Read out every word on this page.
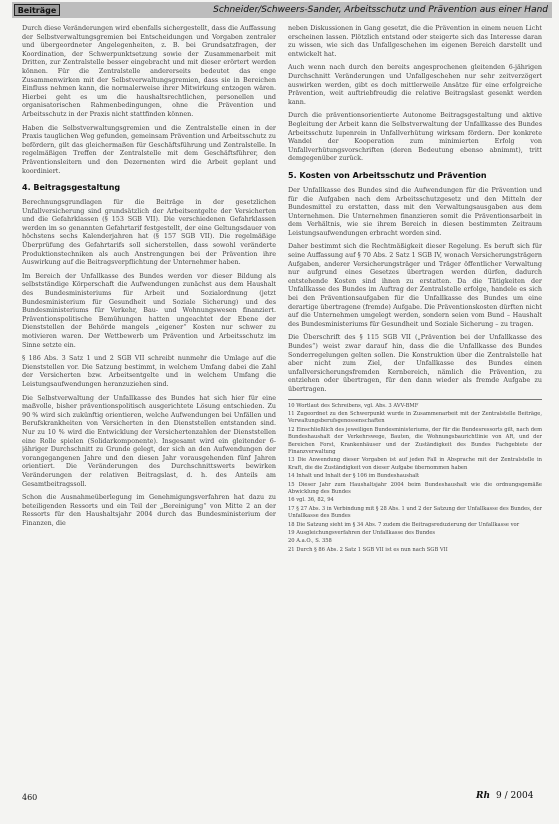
Beiträge	Schneider/Schweers-Sander, Arbeitsschutz und Prävention aus einer Hand

Durch diese Veränderungen wird ebenfalls sichergestellt, dass die Auffassung der Selbstverwaltungsgremien bei Entscheidungen und Vorgaben zentraler und übergeordneter Angelegenheiten, z. B. bei Grundsatzfragen, der Koordination, der Schwerpunktsetzung sowie der Zusammenarbeit mit Dritten, zur Zentralstelle besser eingebracht und mit dieser erörtert werden können. Für die Zentralstelle andererseits bedeutet das enge Zusammenwirken mit der Selbstverwaltungsgremien, dass sie in Bereichen Einfluss nehmen kann, die normalerweise ihrer Mitwirkung entzogen wären. Hierbei geht es um die haushaltsrechtlichen, personellen und organisatorischen Rahmenbedingungen, ohne die Prävention und Arbeitsschutz in der Praxis nicht stattfinden können.

Haben die Selbstverwaltungsgremien und die Zentralstelle einen in der Praxis tauglichen Weg gefunden, gemeinsam Prävention und Arbeitsschutz zu befördern, gilt das gleichermaßen für Geschäftsführung und Zentralstelle. In regelmäßigen Treffen der Zentralstelle mit dem Geschäftsführer, den Präventionsleitern und den Dezernenten wird die Arbeit geplant und koordiniert.

4. Beitragsgestaltung

Berechnungsgrundlagen für die Beiträge in der gesetzlichen Unfallversicherung sind grundsätzlich der Arbeitsentgelte der Versicherten und die Gefahrklassen (§ 153 SGB VII). Die verschiedenen Gefahrklassen werden im so genannten Gefahrtarif festgestellt, der eine Geltungsdauer von höchstens sechs Kalenderjahren hat (§ 157 SGB VII). Die regelmäßige Überprüfung des Gefahrtarifs soll sicherstellen, dass sowohl veränderte Produktionstechniken als auch Anstrengungen bei der Prävention ihre Auswirkung auf die Beitragsverpflichtung der Unternehmer haben.

Im Bereich der Unfallkasse des Bundes werden vor dieser Bildung als selbstständige Körperschaft die Aufwendungen zunächst aus dem Haushalt des Bundesministeriums für Arbeit und Sozialordnung (jetzt Bundesministerium für Gesundheit und Soziale Sicherung) und des Bundesministeriums für Verkehr, Bau- und Wohnungswesen finanziert. Präventionspolitische Bemühungen hatten ungeachtet der Ebene der Dienststellen der Behörde mangels „eigener“ Kosten nur schwer zu motivieren waren. Der Wettbewerb um Prävention und Arbeitsschutz im Sinne setzte ein.

§ 186 Abs. 3 Satz 1 und 2 SGB VII schreibt nunmehr die Umlage auf die Dienststellen vor. Die Satzung bestimmt, in welchem Umfang dabei die Zahl der Versicherten bzw. Arbeitsentgelte und in welchem Umfang die Leistungsaufwendungen heranzuziehen sind.

Die Selbstverwaltung der Unfallkasse des Bundes hat sich hier für eine maßvolle, bisher präventionspolitisch ausgerichtete Lösung entschieden. Zu 90 % wird sich zukünftig orientieren, welche Aufwendungen bei Unfällen und Berufskrankheiten von Versicherten in den Dienststellen entstanden sind. Nur zu 10 % wird die Entwicklung der Versichertenzahlen der Dienststellen eine Rolle spielen (Solidarkomponente). Insgesamt wird ein gleitender 6-jähriger Durchschnitt zu Grunde gelegt, der sich an den Aufwendungen der vorangegangenen Jahre und den diesen Jahr vorausgehenden fünf Jahren orientiert. Die Veränderungen des Durchschnittswerts bewirken Veränderungen der relativen Beitragslast, d. h. des Anteils am Gesamtbeitragssoll.

Schon die Ausnahmeüberlegung im Genehmigungsverfahren hat dazu zu beteiligenden Ressorts und ein Teil der „Bereinigung“ von Mitte 2 an der Ressorts für den Haushaltsjahr 2004 durch das Bundesministerium der Finanzen, die

neben Diskussionen in Gang gesetzt, die die Prävention in einem neuen Licht erscheinen lassen. Plötzlich entstand oder steigerte sich das Interesse daran zu wissen, wie sich das Unfallgeschehen im eigenen Bereich darstellt und entwickelt hat.

Auch wenn nach durch den bereits angesprochenen gleitenden 6-jährigen Durchschnitt Veränderungen und Unfallgeschehen nur sehr zeitverzögert auswirken werden, gibt es doch mittlerweile Ansätze für eine erfolgreiche Prävention, weit auftriebfreudig die relative Beitragslast gesenkt werden kann.

Durch die präventionsorientierte Autonome Beitragsgestaltung und aktive Begleitung der Arbeit kann die Selbstverwaltung der Unfallkasse des Bundes Arbeitsschutz lupenrein in Unfallverhütung wirksam fördern. Der konkrete Wandel der Kooperation zum minimierten Erfolg von Unfallverhütungsvorschriften (deren Bedeutung ebenso abnimmt), tritt demgegenüber zurück.

5. Kosten von Arbeitsschutz und Prävention

Der Unfallkasse des Bundes sind die Aufwendungen für die Prävention und für die Aufgaben nach dem Arbeitsschutzgesetz und den Mitteln der Bundesmittel zu erstatten, dass mit den Verwaltungsausgaben aus dem Unternehmen. Die Unternehmen finanzieren somit die Präventionsarbeit in dem Verhältnis, wie sie ihrem Bereich in diesen bestimmten Zeitraum Leistungsaufwendungen erbracht worden sind.

Daher bestimmt sich die Rechtmäßigkeit dieser Regelung. Es beruft sich für seine Auffassung auf § 70 Abs. 2 Satz 1 SGB IV, wonach Versicherungsträgern Aufgaben, anderer Versicherungsträger und Träger öffentlicher Verwaltung nur aufgrund eines Gesetzes übertragen werden dürfen, dadurch entstehende Kosten sind ihnen zu erstatten. Da die Tätigkeiten der Unfallkasse des Bundes im Auftrag der Zentralstelle erfolge, handele es sich bei den Präventionsaufgaben für die Unfallkasse des Bundes um eine derartige übertragene (fremde) Aufgabe. Die Präventionskosten dürften nicht auf die Unternehmen umgelegt werden, sondern seien vom Bund – Haushalt des Bundesministeriums für Gesundheit und Soziale Sicherung – zu tragen.

Die Überschrift des § 115 SGB VII („Prävention bei der Unfallkasse des Bundes“) weist zwar darauf hin, dass die die Unfallkasse des Bundes Sonderregelungen gelten sollen. Die Konstruktion über die Zentralstelle hat aber nicht zum Ziel, der Unfallkasse des Bundes einen unfallversicherungsfremden Kernbereich, nämlich die Prävention, zu entziehen oder übertragen, für den dann wieder als fremde Aufgabe zu übertragen.

10 Wortlaut des Schreibens, vgl. Abs. 3 AVV-BMF
11 Zugeordnet zu den Schwerpunkt wurde in Zusammenarbeit mit der Zentralstelle Beiträge, Verwaltungsberufsgenossenschaften
12 Einschließlich des jeweiligen Bundesministeriums, der für die Bundesressorts gilt, nach dem Bundeshaushalt der Verkehrswege, Bauten, die Wohnungsbaurichtlinie von AR, und der Bereichen Forst, Krankenhäuser und der Zuständigkeit des Bundes Fachgebiete der Finanzverwaltung
13 Die Anwendung dieser Vorgaben ist auf jeden Fall in Absprache mit der Zentralstelle in Kraft, die die Zuständigkeit von dieser Aufgabe übernommen haben
14 Inhalt und Inhalt der § 106 im Bundeshaushalt
15 Dieser Jahr zum Haushaltsjahr 2004 beim Bundeshaushalt wie die ordnungsgemäße Abwicklung des Bundes
16 vgl. 36, 82, 94
17 § 27 Abs. 3 in Verbindung mit § 28 Abs. 1 und 2 der Satzung der Unfallkasse des Bundes, der Unfallkasse des Bundes
18 Die Satzung sieht im § 34 Abs. 7 zudem die Beitragsreduzierung der Unfallkasse vor
19 Ausgleichungsverfahren der Unfallkasse des Bundes
20 A.a.O., S. 358
21 Durch § 86 Abs. 2 Satz 1 SGB VII ist es nun nach SGB VII
460	Rh 9 / 2004
